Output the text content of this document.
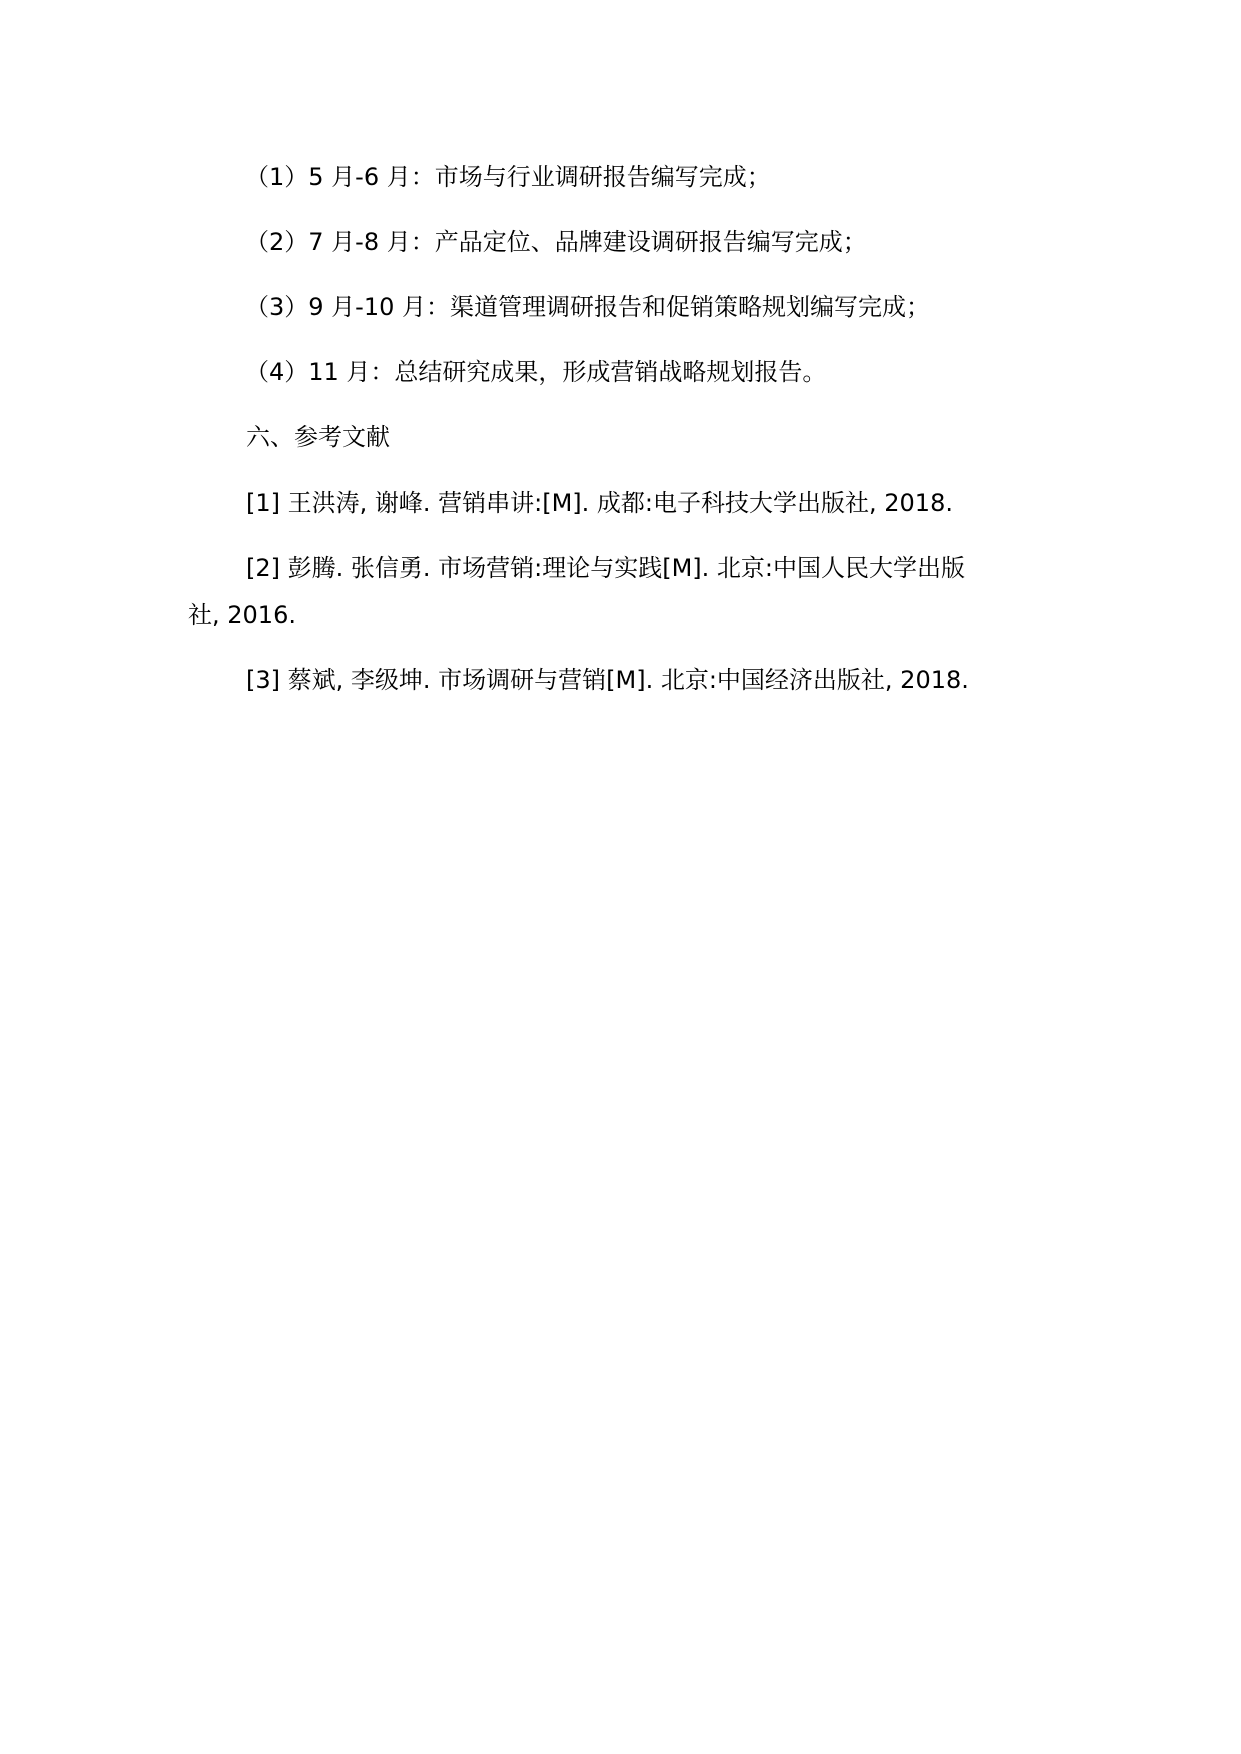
（1）5 月-6 月：市场与行业调研报告编写完成；
（2）7 月-8 月：产品定位、品牌建设调研报告编写完成；
（3）9 月-10 月：渠道管理调研报告和促销策略规划编写完成；
（4）11 月：总结研究成果，形成营销战略规划报告。
六、参考文献
[1] 王洪涛, 谢峰. 营销串讲:[M]. 成都:电子科技大学出版社, 2018.
[2] 彭腾. 张信勇. 市场营销:理论与实践[M]. 北京:中国人民大学出版
社, 2016.
[3] 蔡斌, 李级坤. 市场调研与营销[M]. 北京:中国经济出版社, 2018.
